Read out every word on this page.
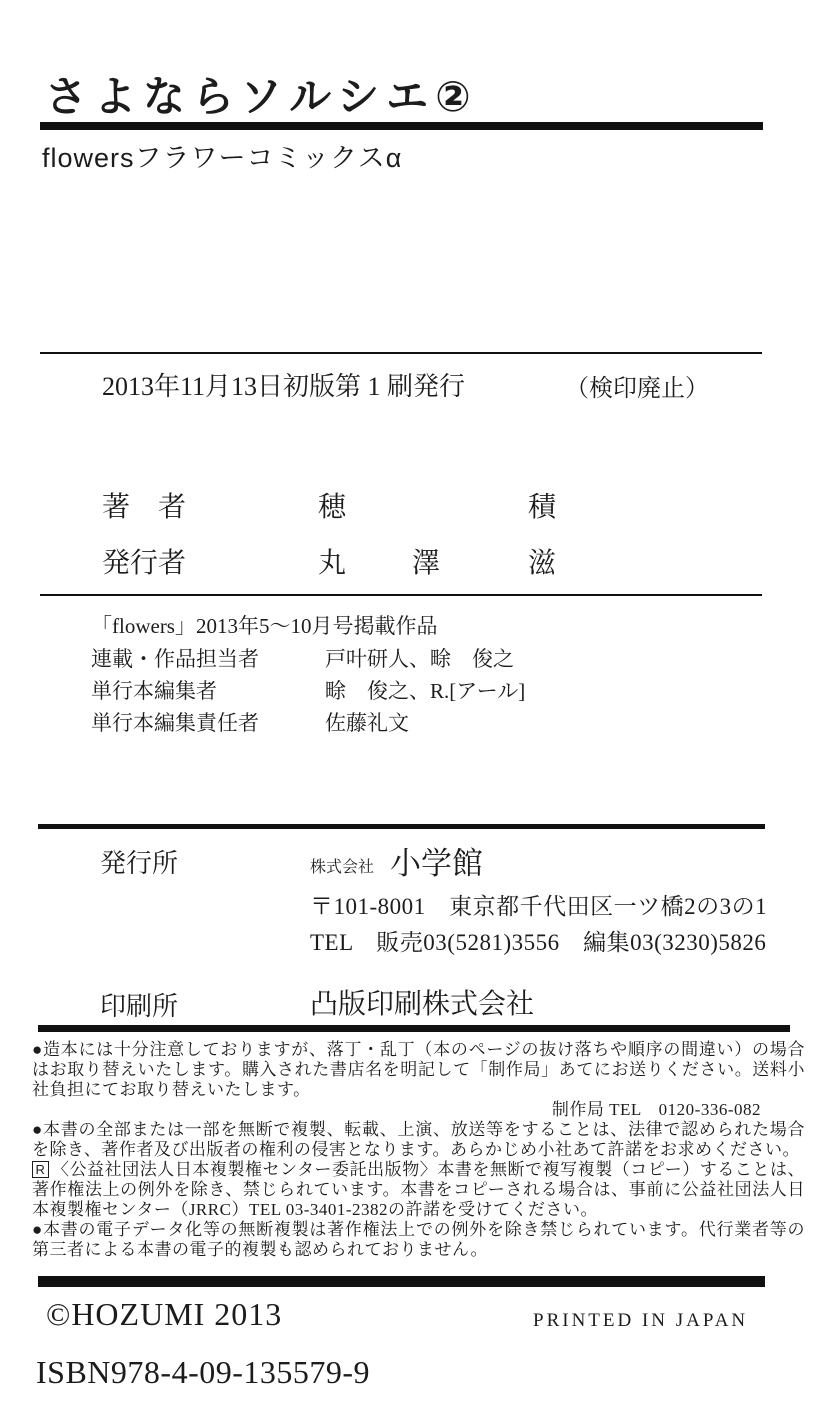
さよならソルシエ②
flowersフラワーコミックスα
2013年11月13日初版第 1 刷発行	（検印廃止）
著　者	穂	積
発行者	丸 澤	滋
「flowers」2013年5～10月号掲載作品
連載・作品担当者	戸叶研人、畭　俊之
単行本編集者	畭　俊之、R.[アール]
単行本編集責任者	佐藤礼文
発行所	株式会社 小学館
〒101-8001　東京都千代田区一ツ橋2の3の1
TEL　販売03(5281)3556　編集03(3230)5826
印刷所	凸版印刷株式会社

●造本には十分注意しておりますが、落丁・乱丁（本のページの抜け落ちや順序の間違い）の場合はお取り替えいたします。購入された書店名を明記して「制作局」あてにお送りください。送料小社負担にてお取り替えいたします。

制作局 TEL　0120-336-082

●本書の全部または一部を無断で複製、転載、上演、放送等をすることは、法律で認められた場合を除き、著作者及び出版者の権利の侵害となります。あらかじめ小社あて許諾をお求めください。

R 〈公益社団法人日本複製権センター委託出版物〉本書を無断で複写複製（コピー）することは、著作権法上の例外を除き、禁じられています。本書をコピーされる場合は、事前に公益社団法人日本複製権センター（JRRC）TEL 03-3401-2382の許諾を受けてください。

●本書の電子データ化等の無断複製は著作権法上での例外を除き禁じられています。代行業者等の第三者による本書の電子的複製も認められておりません。

©HOZUMI 2013	PRINTED IN JAPAN
ISBN978-4-09-135579-9
